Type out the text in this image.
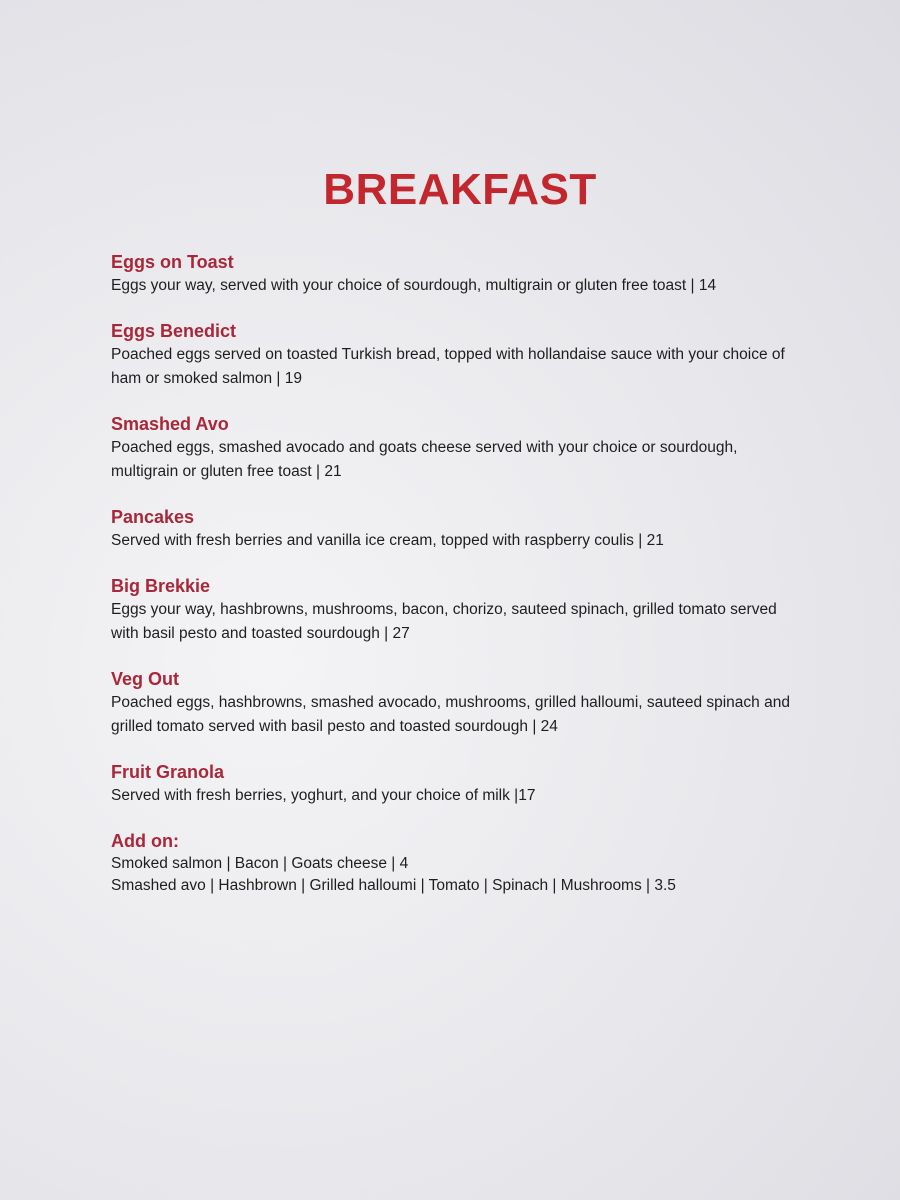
BREAKFAST
Eggs on Toast
Eggs your way, served with your choice of sourdough, multigrain or gluten free toast | 14
Eggs Benedict
Poached eggs served on toasted Turkish bread, topped with hollandaise sauce with your choice of ham or smoked salmon | 19
Smashed Avo
Poached eggs, smashed avocado and goats cheese served with your choice or sourdough, multigrain or gluten free toast | 21
Pancakes
Served with fresh berries and vanilla ice cream, topped with raspberry coulis | 21
Big Brekkie
Eggs your way, hashbrowns, mushrooms, bacon, chorizo, sauteed spinach, grilled tomato served with basil pesto and toasted sourdough | 27
Veg Out
Poached eggs, hashbrowns, smashed avocado, mushrooms, grilled halloumi, sauteed spinach and grilled tomato served with basil pesto and toasted sourdough | 24
Fruit Granola
Served with fresh berries, yoghurt, and your choice of milk |17
Add on:
Smoked salmon | Bacon | Goats cheese | 4
Smashed avo | Hashbrown | Grilled halloumi | Tomato | Spinach | Mushrooms | 3.5
